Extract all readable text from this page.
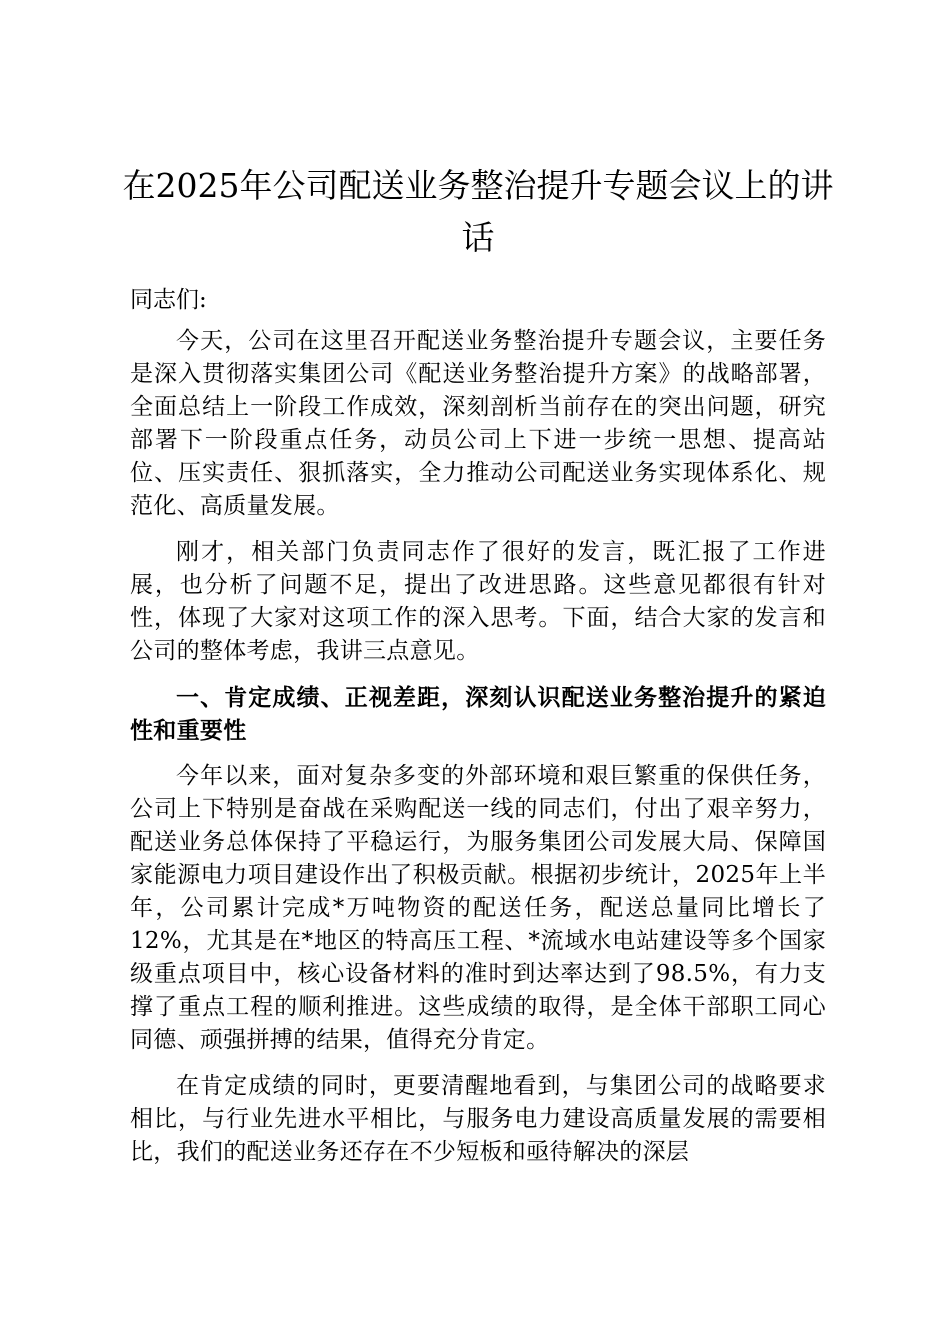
在2025年公司配送业务整治提升专题会议上的讲话
同志们:

今天，公司在这里召开配送业务整治提升专题会议，主要任务是深入贯彻落实集团公司《配送业务整治提升方案》的战略部署，全面总结上一阶段工作成效，深刻剖析当前存在的突出问题，研究部署下一阶段重点任务，动员公司上下进一步统一思想、提高站位、压实责任、狠抓落实，全力推动公司配送业务实现体系化、规范化、高质量发展。

刚才，相关部门负责同志作了很好的发言，既汇报了工作进展，也分析了问题不足，提出了改进思路。这些意见都很有针对性，体现了大家对这项工作的深入思考。下面，结合大家的发言和公司的整体考虑，我讲三点意见。

一、肯定成绩、正视差距，深刻认识配送业务整治提升的紧迫性和重要性

今年以来，面对复杂多变的外部环境和艰巨繁重的保供任务，公司上下特别是奋战在采购配送一线的同志们，付出了艰辛努力，配送业务总体保持了平稳运行，为服务集团公司发展大局、保障国家能源电力项目建设作出了积极贡献。根据初步统计，2025年上半年，公司累计完成*万吨物资的配送任务，配送总量同比增长了12%，尤其是在*地区的特高压工程、*流域水电站建设等多个国家级重点项目中，核心设备材料的准时到达率达到了98.5%，有力支撑了重点工程的顺利推进。这些成绩的取得，是全体干部职工同心同德、顽强拼搏的结果，值得充分肯定。

在肯定成绩的同时，更要清醒地看到，与集团公司的战略要求相比，与行业先进水平相比，与服务电力建设高质量发展的需要相比，我们的配送业务还存在不少短板和亟待解决的深层
